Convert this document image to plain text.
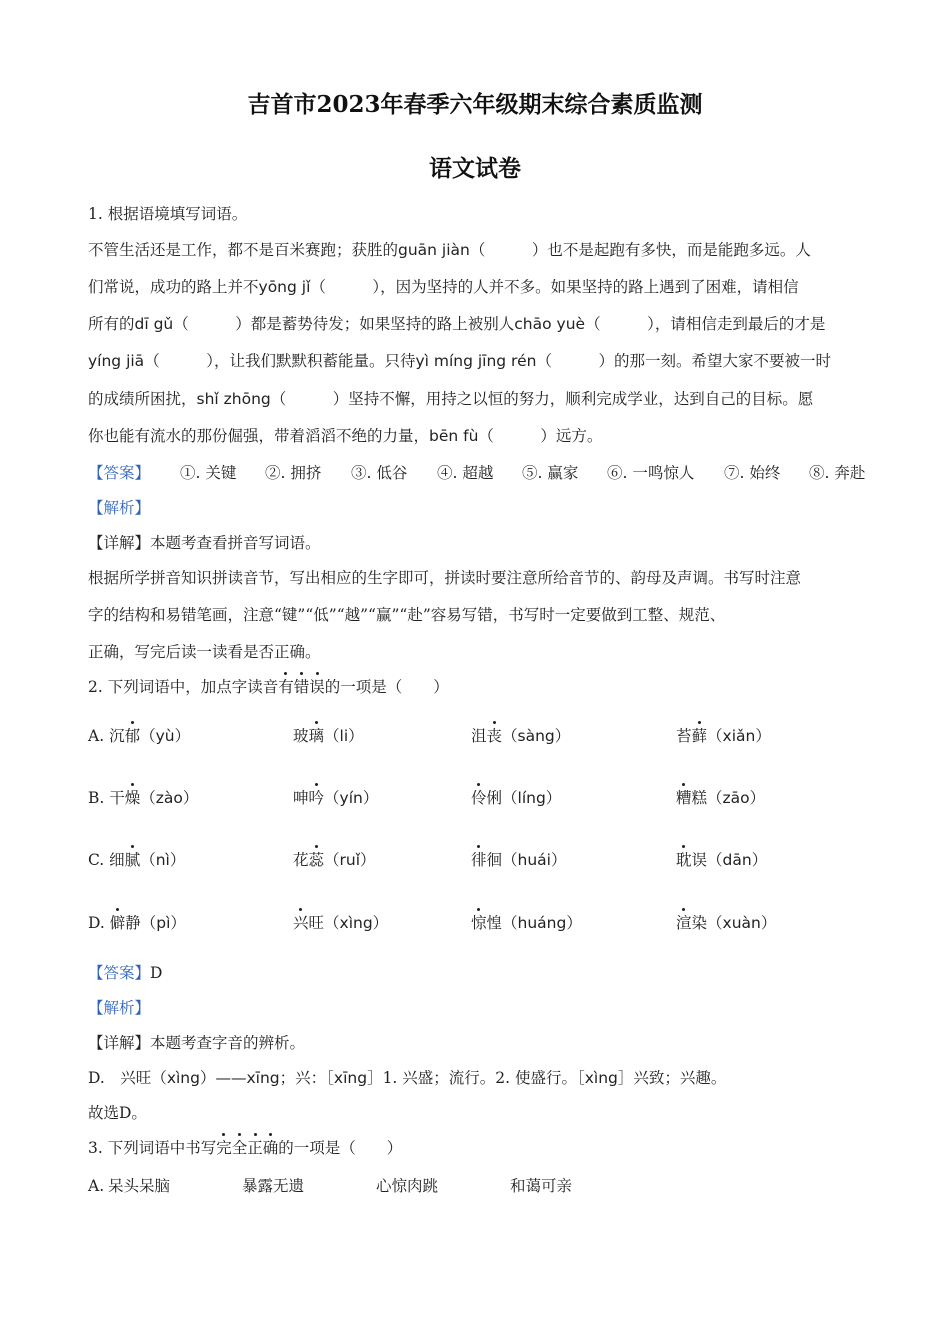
吉首市2023年春季六年级期末综合素质监测
语文试卷
1. 根据语境填写词语。
不管生活还是工作，都不是百米赛跑；获胜的guān jiàn（　　　）也不是起跑有多快，而是能跑多远。人
们常说，成功的路上并不yōng jǐ（　　　），因为坚持的人并不多。如果坚持的路上遇到了困难，请相信
所有的dī gǔ（　　　）都是蓄势待发；如果坚持的路上被别人chāo yuè（　　　），请相信走到最后的才是
yíng jiā（　　　），让我们默默积蓄能量。只待yì míng jīng rén（　　　）的那一刻。希望大家不要被一时
的成绩所困扰，shǐ zhōng（　　　）坚持不懈，用持之以恒的努力，顺利完成学业，达到自己的目标。愿
你也能有流水的那份倔强，带着滔滔不绝的力量，bēn fù（　　　）远方。
【答案】 ①. 关键 ②. 拥挤 ③. 低谷 ④. 超越 ⑤. 赢家 ⑥. 一鸣惊人 ⑦. 始终 ⑧. 奔赴
【解析】
【详解】本题考查看拼音写词语。
根据所学拼音知识拼读音节，写出相应的生字即可，拼读时要注意所给音节的、韵母及声调。书写时注意
字的结构和易错笔画，注意“键”“低”“越”“赢”“赴”容易写错，书写时一定要做到工整、规范、
正确，写完后读一读看是否正确。
2. 下列词语中，加点字读音有错误的一项是（　　）
A. 沉郁（yù）	玻璃（li）	沮丧（sàng）	苔藓（xiǎn）
B. 干燥（zào）	呻吟（yín）	伶俐（líng）	糟糕（zāo）
C. 细腻（nì）	花蕊（ruǐ）	徘徊（huái）	耽误（dān）
D. 僻静（pì）	兴旺（xìng）	惊惶（huáng）	渲染（xuàn）
【答案】D
【解析】
【详解】本题考查字音的辨析。
D.　兴旺（xìng）——xīng；兴：［xīng］1. 兴盛；流行。2. 使盛行。［xìng］兴致；兴趣。
故选D。
3. 下列词语中书写完全正确的一项是（　　）
A. 呆头呆脑	暴露无遗	心惊肉跳	和蔼可亲
